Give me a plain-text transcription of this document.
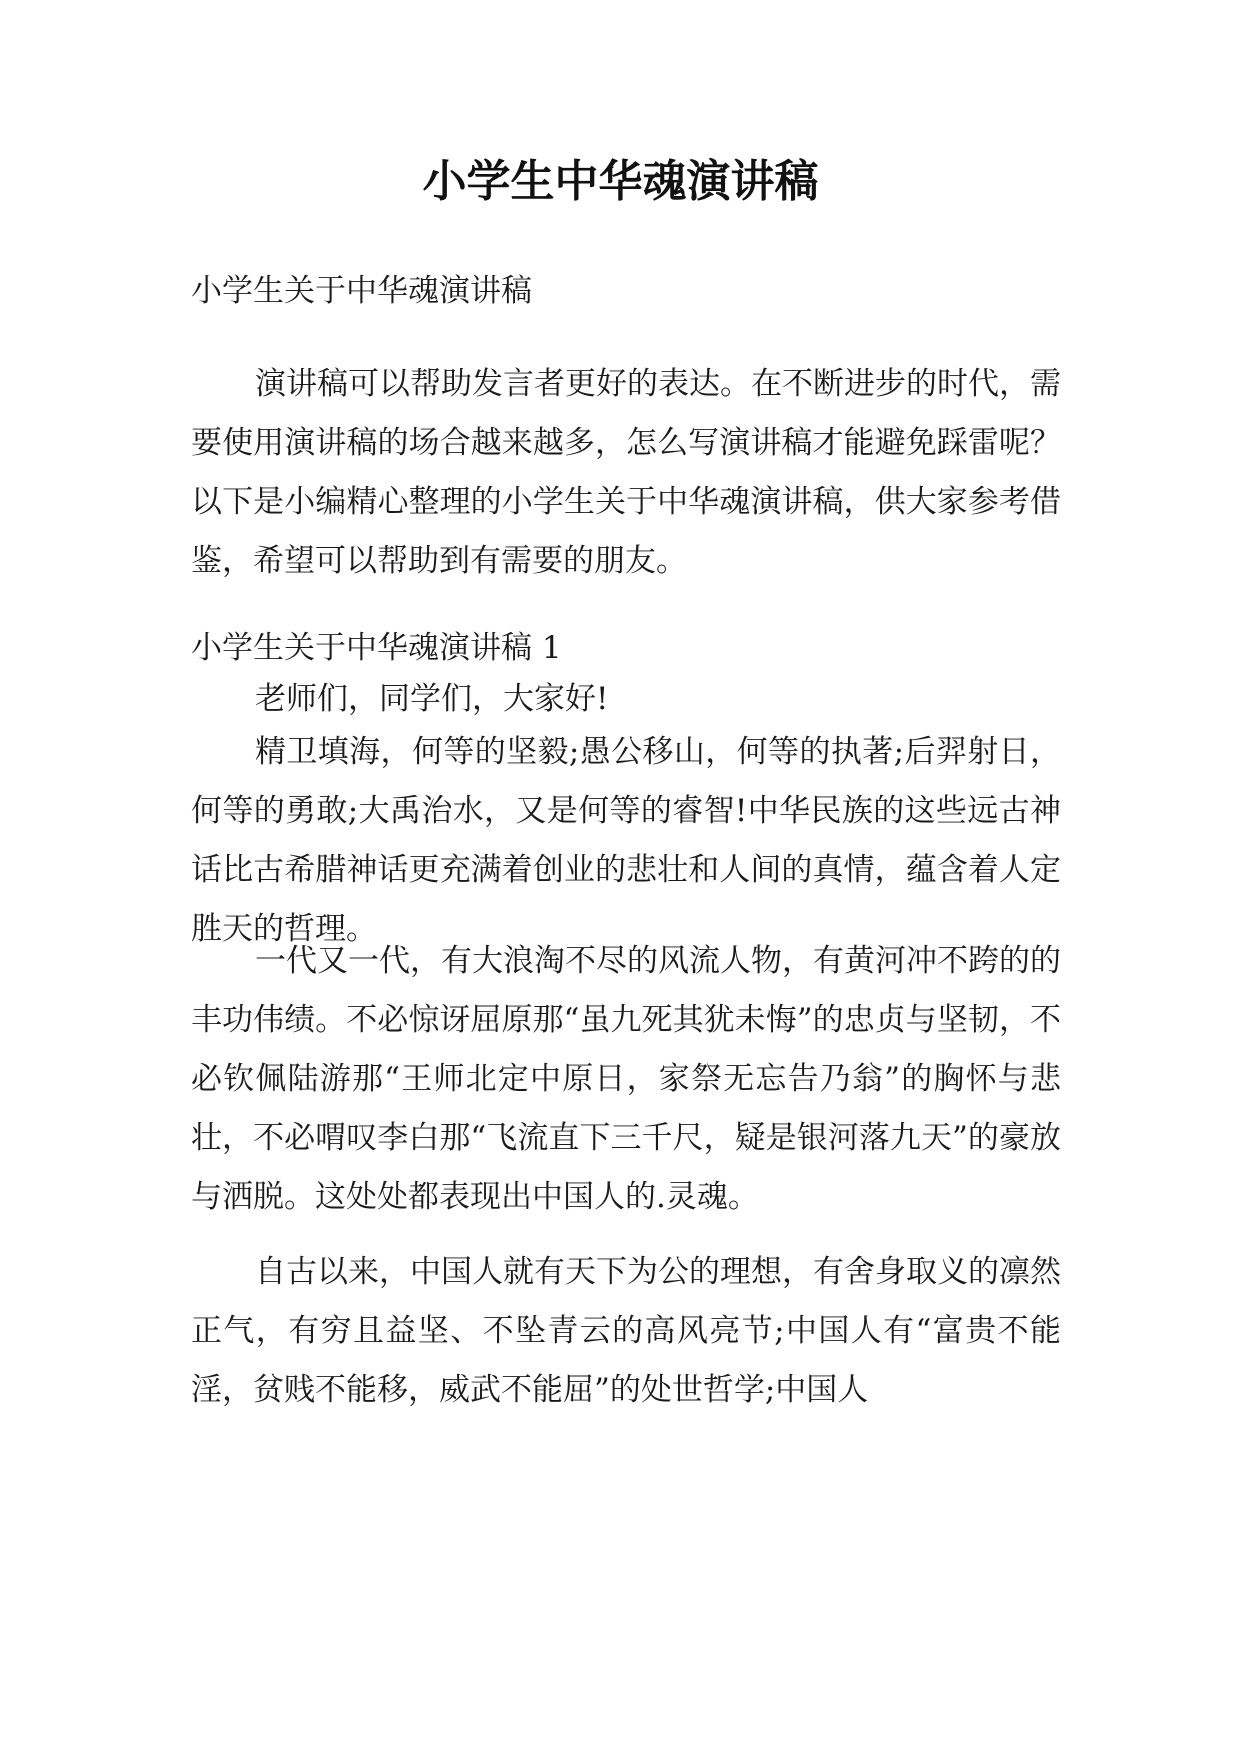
小学生中华魂演讲稿
小学生关于中华魂演讲稿
演讲稿可以帮助发言者更好的表达。在不断进步的时代，需要使用演讲稿的场合越来越多，怎么写演讲稿才能避免踩雷呢？以下是小编精心整理的小学生关于中华魂演讲稿，供大家参考借鉴，希望可以帮助到有需要的朋友。
小学生关于中华魂演讲稿 1
老师们，同学们，大家好!
精卫填海，何等的坚毅;愚公移山，何等的执著;后羿射日，何等的勇敢;大禹治水，又是何等的睿智!中华民族的这些远古神话比古希腊神话更充满着创业的悲壮和人间的真情，蕴含着人定胜天的哲理。
一代又一代，有大浪淘不尽的风流人物，有黄河冲不跨的的丰功伟绩。不必惊讶屈原那“虽九死其犹未悔”的忠贞与坚韧，不必钦佩陆游那“王师北定中原日，家祭无忘告乃翁”的胸怀与悲壮，不必喟叹李白那“飞流直下三千尺，疑是银河落九天”的豪放与洒脱。这处处都表现出中国人的.灵魂。
自古以来，中国人就有天下为公的理想，有舍身取义的凛然正气，有穷且益坚、不坠青云的高风亮节;中国人有“富贵不能淫，贫贱不能移，威武不能屈”的处世哲学;中国人
